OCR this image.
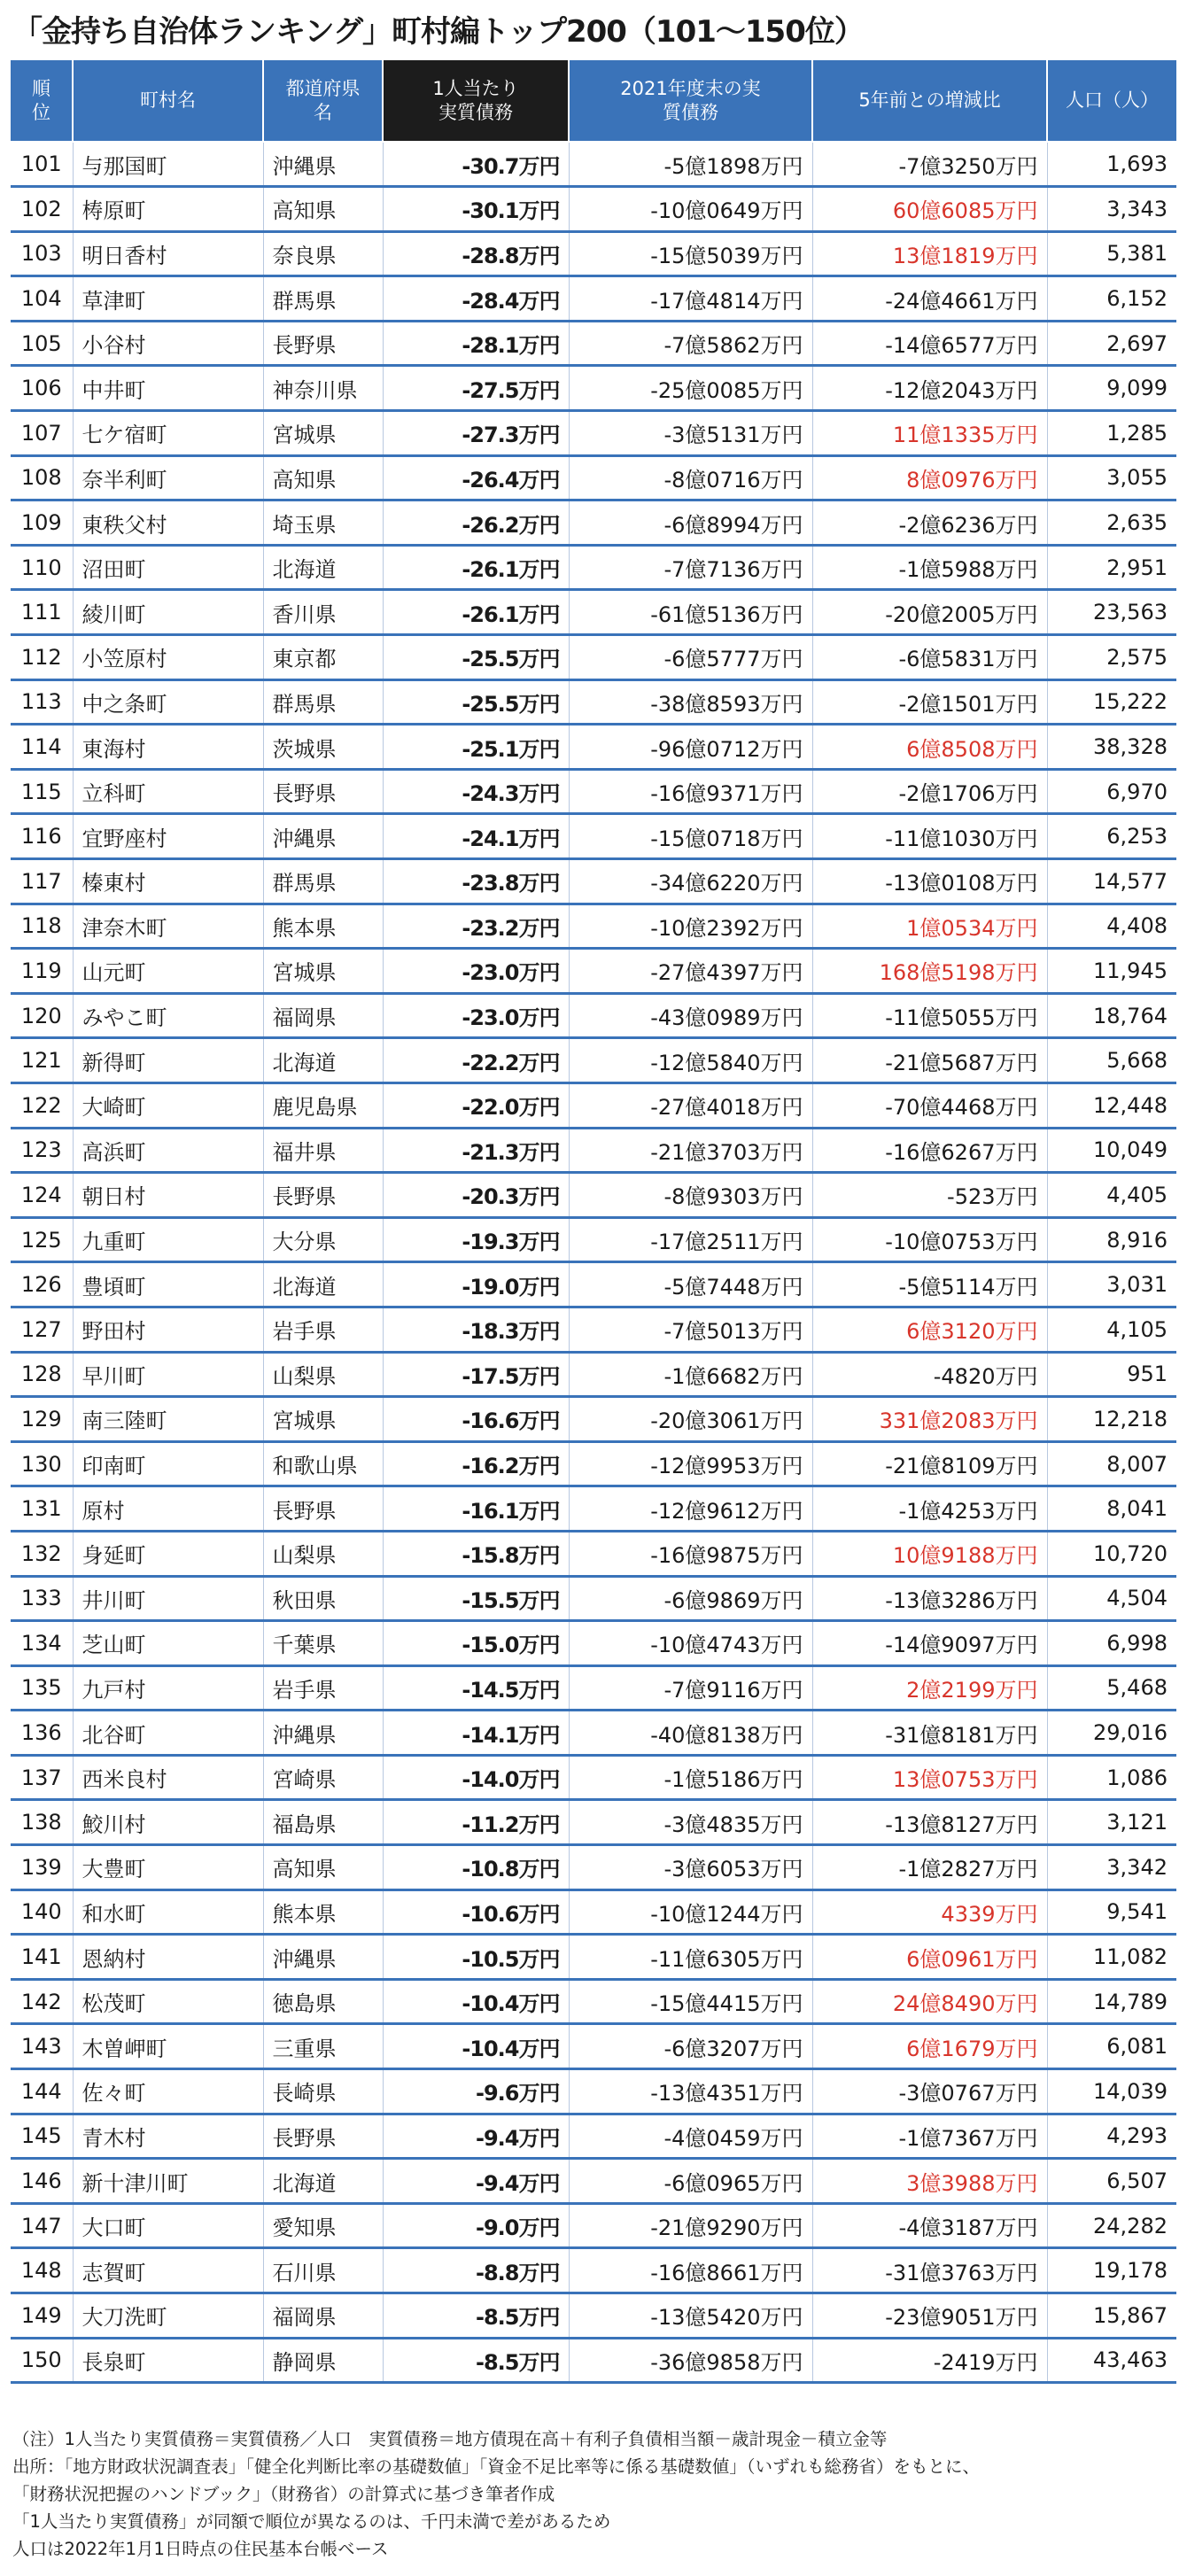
「金持ち自治体ランキング」町村編トップ200（101〜150位）
順位	町村名	都道府県名	1人当たり実質債務	2021年度末の実質債務	5年前との増減比	人口（人）
101	与那国町	沖縄県	-30.7万円	-5億1898万円	-7億3250万円	1,693
102	梼原町	高知県	-30.1万円	-10億0649万円	60億6085万円	3,343
103	明日香村	奈良県	-28.8万円	-15億5039万円	13億1819万円	5,381
104	草津町	群馬県	-28.4万円	-17億4814万円	-24億4661万円	6,152
105	小谷村	長野県	-28.1万円	-7億5862万円	-14億6577万円	2,697
106	中井町	神奈川県	-27.5万円	-25億0085万円	-12億2043万円	9,099
107	七ケ宿町	宮城県	-27.3万円	-3億5131万円	11億1335万円	1,285
108	奈半利町	高知県	-26.4万円	-8億0716万円	8億0976万円	3,055
109	東秩父村	埼玉県	-26.2万円	-6億8994万円	-2億6236万円	2,635
110	沼田町	北海道	-26.1万円	-7億7136万円	-1億5988万円	2,951
111	綾川町	香川県	-26.1万円	-61億5136万円	-20億2005万円	23,563
112	小笠原村	東京都	-25.5万円	-6億5777万円	-6億5831万円	2,575
113	中之条町	群馬県	-25.5万円	-38億8593万円	-2億1501万円	15,222
114	東海村	茨城県	-25.1万円	-96億0712万円	6億8508万円	38,328
115	立科町	長野県	-24.3万円	-16億9371万円	-2億1706万円	6,970
116	宜野座村	沖縄県	-24.1万円	-15億0718万円	-11億1030万円	6,253
117	榛東村	群馬県	-23.8万円	-34億6220万円	-13億0108万円	14,577
118	津奈木町	熊本県	-23.2万円	-10億2392万円	1億0534万円	4,408
119	山元町	宮城県	-23.0万円	-27億4397万円	168億5198万円	11,945
120	みやこ町	福岡県	-23.0万円	-43億0989万円	-11億5055万円	18,764
121	新得町	北海道	-22.2万円	-12億5840万円	-21億5687万円	5,668
122	大崎町	鹿児島県	-22.0万円	-27億4018万円	-70億4468万円	12,448
123	高浜町	福井県	-21.3万円	-21億3703万円	-16億6267万円	10,049
124	朝日村	長野県	-20.3万円	-8億9303万円	-523万円	4,405
125	九重町	大分県	-19.3万円	-17億2511万円	-10億0753万円	8,916
126	豊頃町	北海道	-19.0万円	-5億7448万円	-5億5114万円	3,031
127	野田村	岩手県	-18.3万円	-7億5013万円	6億3120万円	4,105
128	早川町	山梨県	-17.5万円	-1億6682万円	-4820万円	951
129	南三陸町	宮城県	-16.6万円	-20億3061万円	331億2083万円	12,218
130	印南町	和歌山県	-16.2万円	-12億9953万円	-21億8109万円	8,007
131	原村	長野県	-16.1万円	-12億9612万円	-1億4253万円	8,041
132	身延町	山梨県	-15.8万円	-16億9875万円	10億9188万円	10,720
133	井川町	秋田県	-15.5万円	-6億9869万円	-13億3286万円	4,504
134	芝山町	千葉県	-15.0万円	-10億4743万円	-14億9097万円	6,998
135	九戸村	岩手県	-14.5万円	-7億9116万円	2億2199万円	5,468
136	北谷町	沖縄県	-14.1万円	-40億8138万円	-31億8181万円	29,016
137	西米良村	宮崎県	-14.0万円	-1億5186万円	13億0753万円	1,086
138	鮫川村	福島県	-11.2万円	-3億4835万円	-13億8127万円	3,121
139	大豊町	高知県	-10.8万円	-3億6053万円	-1億2827万円	3,342
140	和水町	熊本県	-10.6万円	-10億1244万円	4339万円	9,541
141	恩納村	沖縄県	-10.5万円	-11億6305万円	6億0961万円	11,082
142	松茂町	徳島県	-10.4万円	-15億4415万円	24億8490万円	14,789
143	木曽岬町	三重県	-10.4万円	-6億3207万円	6億1679万円	6,081
144	佐々町	長崎県	-9.6万円	-13億4351万円	-3億0767万円	14,039
145	青木村	長野県	-9.4万円	-4億0459万円	-1億7367万円	4,293
146	新十津川町	北海道	-9.4万円	-6億0965万円	3億3988万円	6,507
147	大口町	愛知県	-9.0万円	-21億9290万円	-4億3187万円	24,282
148	志賀町	石川県	-8.8万円	-16億8661万円	-31億3763万円	19,178
149	大刀洗町	福岡県	-8.5万円	-13億5420万円	-23億9051万円	15,867
150	長泉町	静岡県	-8.5万円	-36億9858万円	-2419万円	43,463

（注）1人当たり実質債務＝実質債務／人口　実質債務＝地方債現在高＋有利子負債相当額－歳計現金－積立金等

出所：「地方財政状況調査表」「健全化判断比率の基礎数値」「資金不足比率等に係る基礎数値」（いずれも総務省）をもとに、

「財務状況把握のハンドブック」（財務省）の計算式に基づき筆者作成

「1人当たり実質債務」が同額で順位が異なるのは、千円未満で差があるため

人口は2022年1月1日時点の住民基本台帳ベース
